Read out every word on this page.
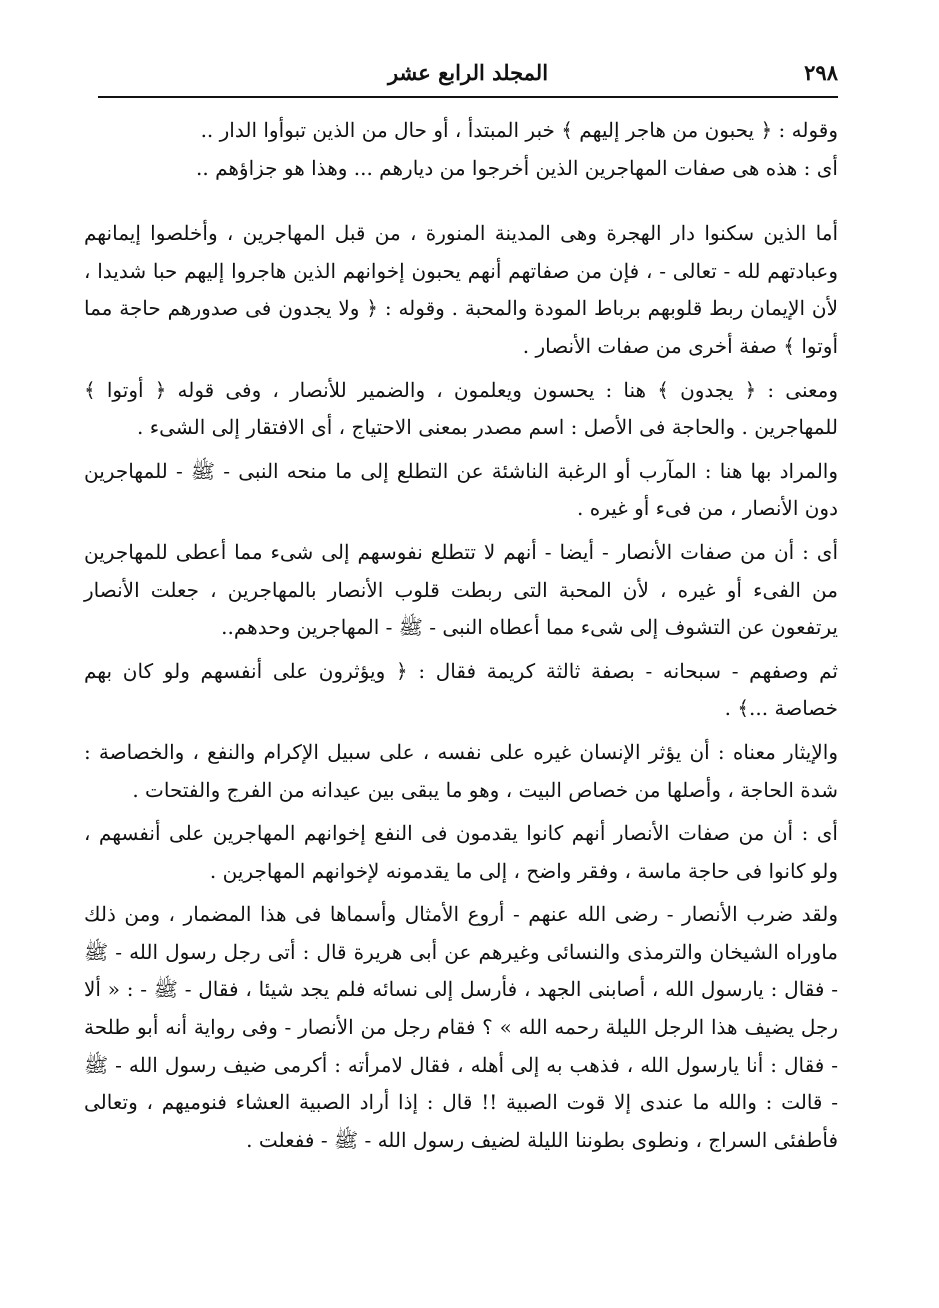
٢٩٨
المجلد الرابع عشر

وقوله : ﴿ يحبون من هاجر إليهم ﴾ خبر المبتدأ ، أو حال من الذين تبوأوا الدار ..

أى : هذه هى صفات المهاجرين الذين أخرجوا من ديارهم ... وهذا هو جزاؤهم ..

أما الذين سكنوا دار الهجرة وهى المدينة المنورة ، من قبل المهاجرين ، وأخلصوا إيمانهم وعبادتهم لله - تعالى - ، فإن من صفاتهم أنهم يحبون إخوانهم الذين هاجروا إليهم حبا شديدا ، لأن الإيمان ربط قلوبهم برباط المودة والمحبة . وقوله : ﴿ ولا يجدون فى صدورهم حاجة مما أوتوا ﴾ صفة أخرى من صفات الأنصار .

ومعنى : ﴿ يجدون ﴾ هنا : يحسون ويعلمون ، والضمير للأنصار ، وفى قوله ﴿ أوتوا ﴾ للمهاجرين . والحاجة فى الأصل : اسم مصدر بمعنى الاحتياج ، أى الافتقار إلى الشىء .

والمراد بها هنا : المآرب أو الرغبة الناشئة عن التطلع إلى ما منحه النبى - ﷺ - للمهاجرين دون الأنصار ، من فىء أو غيره .

أى : أن من صفات الأنصار - أيضا - أنهم لا تتطلع نفوسهم إلى شىء مما أعطى للمهاجرين من الفىء أو غيره ، لأن المحبة التى ربطت قلوب الأنصار بالمهاجرين ، جعلت الأنصار يرتفعون عن التشوف إلى شىء مما أعطاه النبى - ﷺ - المهاجرين وحدهم..

ثم وصفهم - سبحانه - بصفة ثالثة كريمة فقال : ﴿ ويؤثرون على أنفسهم ولو كان بهم خصاصة ...﴾ .

والإيثار معناه : أن يؤثر الإنسان غيره على نفسه ، على سبيل الإكرام والنفع ، والخصاصة : شدة الحاجة ، وأصلها من خصاص البيت ، وهو ما يبقى بين عيدانه من الفرج والفتحات .

أى : أن من صفات الأنصار أنهم كانوا يقدمون فى النفع إخوانهم المهاجرين على أنفسهم ، ولو كانوا فى حاجة ماسة ، وفقر واضح ، إلى ما يقدمونه لإخوانهم المهاجرين .

ولقد ضرب الأنصار - رضى الله عنهم - أروع الأمثال وأسماها فى هذا المضمار ، ومن ذلك ماوراه الشيخان والترمذى والنسائى وغيرهم عن أبى هريرة قال : أتى رجل رسول الله - ﷺ - فقال : يارسول الله ، أصابنى الجهد ، فأرسل إلى نسائه فلم يجد شيئا ، فقال - ﷺ - : « ألا رجل يضيف هذا الرجل الليلة رحمه الله » ؟ فقام رجل من الأنصار - وفى رواية أنه أبو طلحة - فقال : أنا يارسول الله ، فذهب به إلى أهله ، فقال لامرأته : أكرمى ضيف رسول الله - ﷺ - قالت : والله ما عندى إلا قوت الصبية !! قال : إذا أراد الصبية العشاء فنوميهم ، وتعالى فأطفئى السراج ، ونطوى بطوننا الليلة لضيف رسول الله - ﷺ - ففعلت .
